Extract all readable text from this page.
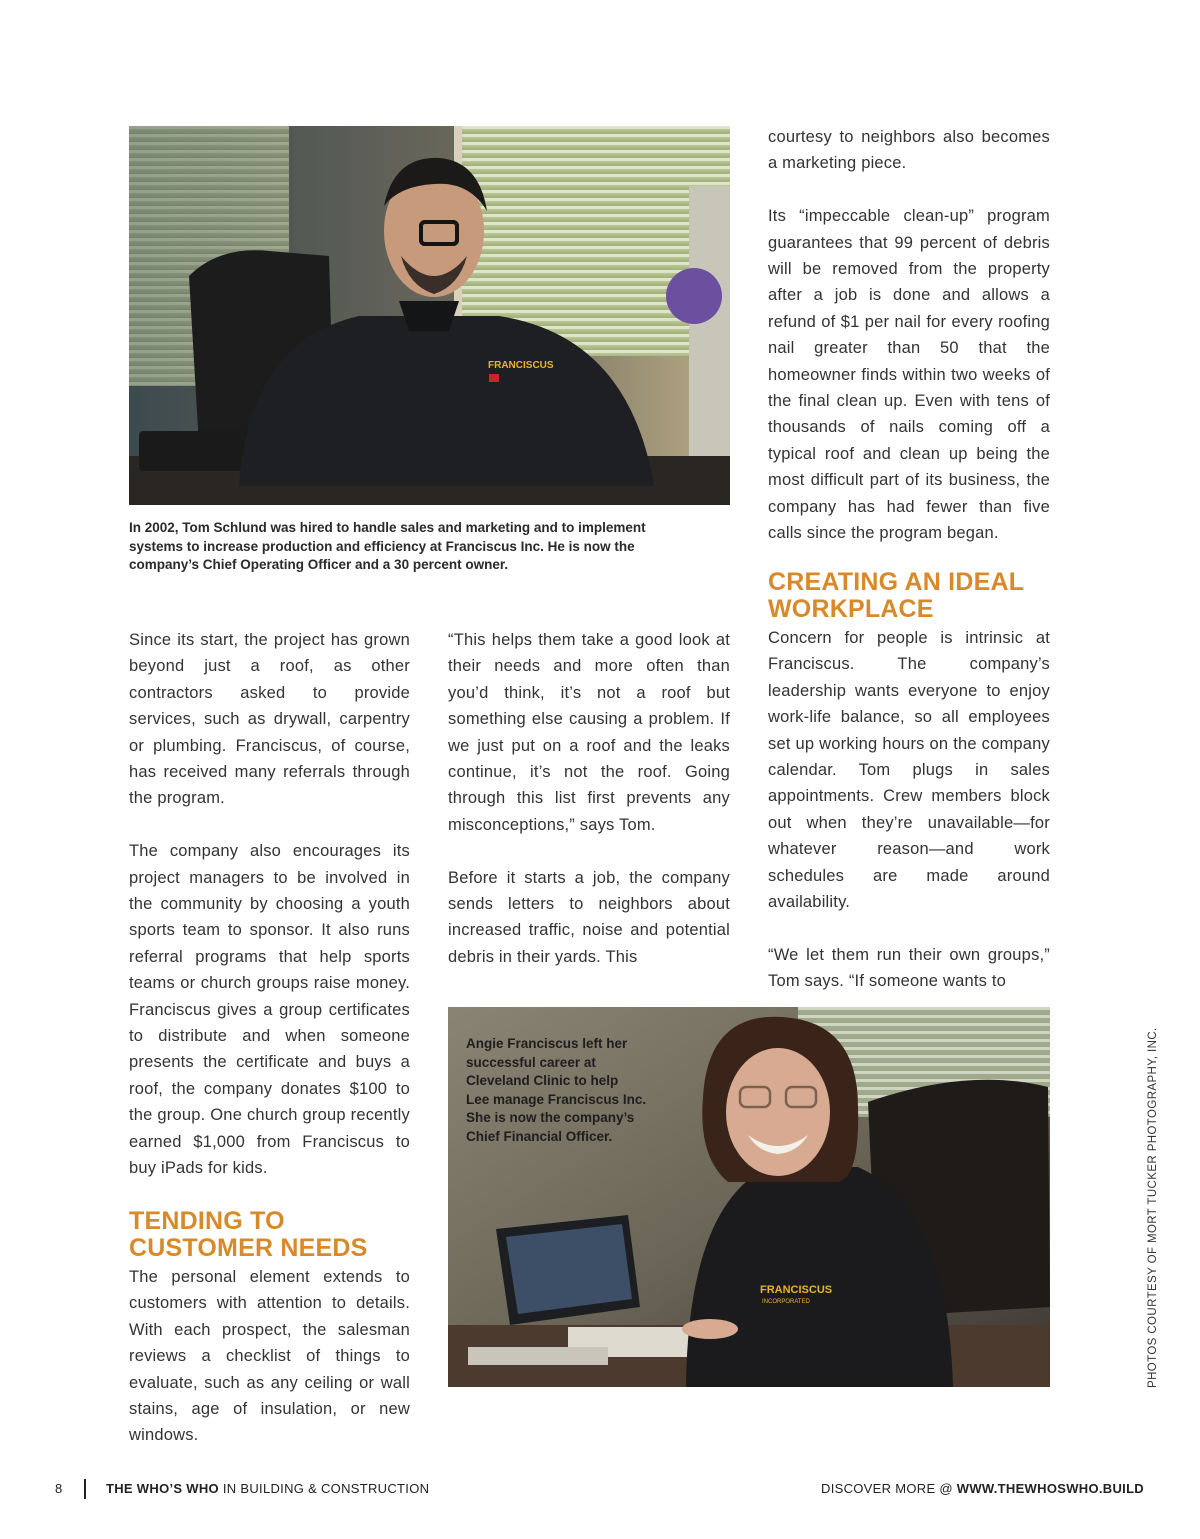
FRANCISCUS

In 2002, Tom Schlund was hired to handle sales and marketing and to implement systems to increase production and efficiency at Franciscus Inc. He is now the company’s Chief Operating Officer and a 30 percent owner.

Since its start, the project has grown beyond just a roof, as other contractors asked to provide services, such as drywall, carpentry or plumbing. Franciscus, of course, has received many referrals through the program.

The company also encourages its project managers to be involved in the community by choosing a youth sports team to sponsor. It also runs referral programs that help sports teams or church groups raise money. Franciscus gives a group certificates to distribute and when someone presents the certificate and buys a roof, the company donates $100 to the group. One church group recently earned $1,000 from Franciscus to buy iPads for kids.

TENDING TO CUSTOMER NEEDS

The personal element extends to customers with attention to details. With each prospect, the salesman reviews a checklist of things to evaluate, such as any ceiling or wall stains, age of insulation, or new windows.

“This helps them take a good look at their needs and more often than you’d think, it’s not a roof but something else causing a problem. If we just put on a roof and the leaks continue, it’s not the roof. Going through this list first prevents any misconceptions,” says Tom.

Before it starts a job, the company sends letters to neighbors about increased traffic, noise and potential debris in their yards. This

courtesy to neighbors also becomes a marketing piece.

Its “impeccable clean-up” program guarantees that 99 percent of debris will be removed from the property after a job is done and allows a refund of $1 per nail for every roofing nail greater than 50 that the homeowner finds within two weeks of the final clean up. Even with tens of thousands of nails coming off a typical roof and clean up being the most difficult part of its business, the company has had fewer than five calls since the program began.

CREATING AN IDEAL WORKPLACE

Concern for people is intrinsic at Franciscus. The company’s leadership wants everyone to enjoy work-life balance, so all employees set up working hours on the company calendar. Tom plugs in sales appointments. Crew members block out when they’re unavailable—for whatever reason—and work schedules are made around availability.

“We let them run their own groups,” Tom says. “If someone wants to

FRANCISCUS
INCORPORATED
Angie Franciscus left her
successful career at
Cleveland Clinic to help
Lee manage Franciscus Inc.
She is now the company’s
Chief Financial Officer.	PHOTOS COURTESY OF MORT TUCKER PHOTOGRAPHY, INC.
8	THE WHO’S WHO IN BUILDING & CONSTRUCTION	DISCOVER MORE @ WWW.THEWHOSWHO.BUILD
